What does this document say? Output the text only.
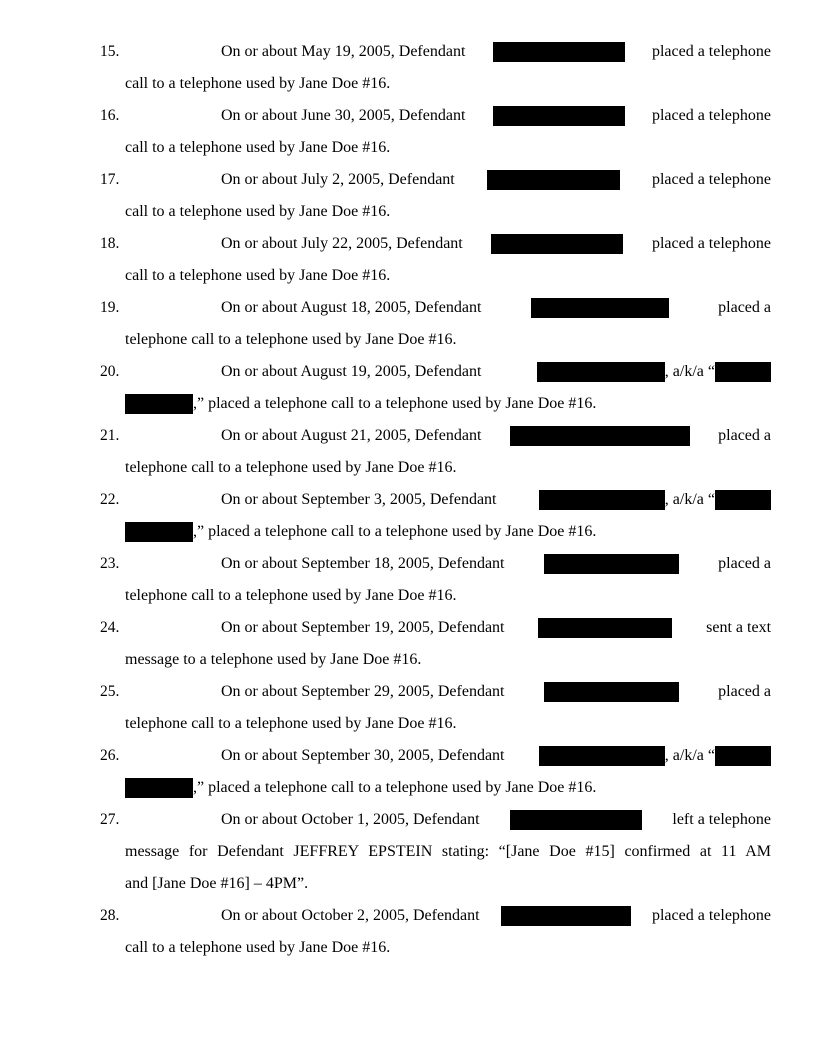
15.	On or about May 19, 2005, Defendant	placed a telephone
call to a telephone used by Jane Doe #16.
16.	On or about June 30, 2005, Defendant	placed a telephone
call to a telephone used by Jane Doe #16.
17.	On or about July 2, 2005, Defendant	placed a telephone
call to a telephone used by Jane Doe #16.
18.	On or about July 22, 2005, Defendant	placed a telephone
call to a telephone used by Jane Doe #16.
19.	On or about August 18, 2005, Defendant	placed a
telephone call to a telephone used by Jane Doe #16.
20.	On or about August 19, 2005, Defendant	, a/k/a “
,” placed a telephone call to a telephone used by Jane Doe #16.
21.	On or about August 21, 2005, Defendant	placed a
telephone call to a telephone used by Jane Doe #16.
22.	On or about September 3, 2005, Defendant	, a/k/a “
,” placed a telephone call to a telephone used by Jane Doe #16.
23.	On or about September 18, 2005, Defendant	placed a
telephone call to a telephone used by Jane Doe #16.
24.	On or about September 19, 2005, Defendant	sent a text
message to a telephone used by Jane Doe #16.
25.	On or about September 29, 2005, Defendant	placed a
telephone call to a telephone used by Jane Doe #16.
26.	On or about September 30, 2005, Defendant	, a/k/a “
,” placed a telephone call to a telephone used by Jane Doe #16.
27.	On or about October 1, 2005, Defendant	left a telephone
message for Defendant JEFFREY EPSTEIN stating: “[Jane Doe #15] confirmed at 11 AM
and [Jane Doe #16] – 4PM”.
28.	On or about October 2, 2005, Defendant	placed a telephone
call to a telephone used by Jane Doe #16.
